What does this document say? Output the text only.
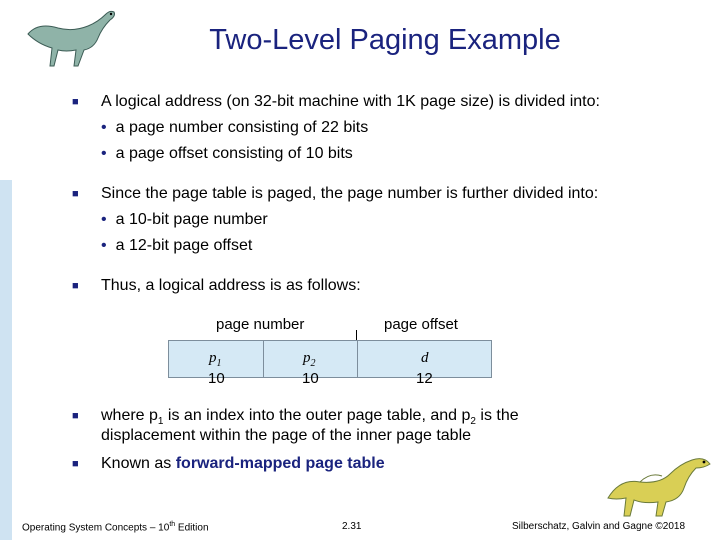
Two-Level Paging Example
■ A logical address (on 32-bit machine with 1K page size) is divided into:
• a page number consisting of 22 bits
• a page offset consisting of 10 bits
■ Since the page table is paged, the page number is further divided into:
• a 10-bit page number
• a 12-bit page offset
■ Thus, a logical address is as follows:
page number	page offset
$p_1$	$p_2$	d
10	10	12
■ where $p_1$ is an index into the outer page table, and $p_2$ is the
displacement within the page of the inner page table
■ Known as forward-mapped page table
Operating System Concepts – 10th Edition	2.31	Silberschatz, Galvin and Gagne ©2018
